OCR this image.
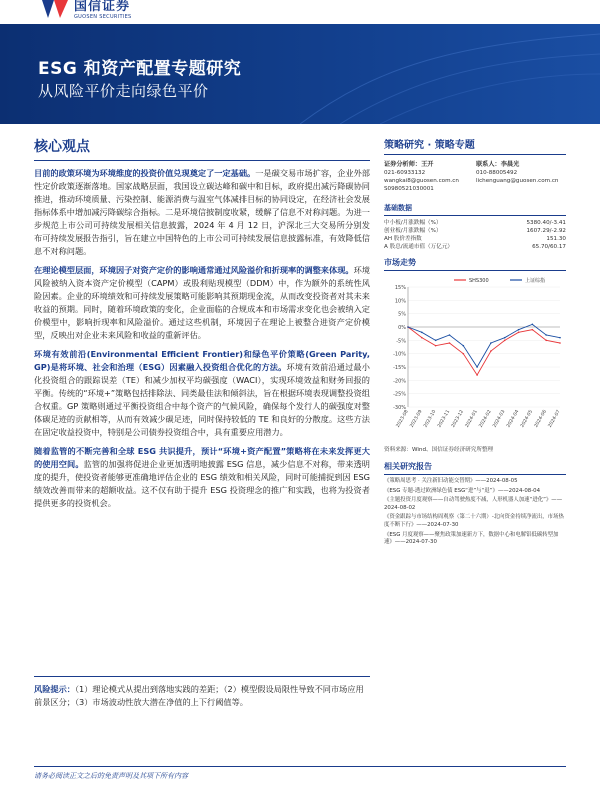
国信证券
GUOSEN SECURITIES
ESG 和资产配置专题研究
从风险平价走向绿色平价
核心观点

目前的政策环境为环境维度的投资价值兑现奠定了一定基础。一是碳交易市场扩容，企业外部性定价政策逐渐落地。国家战略层面，我国设立碳达峰和碳中和目标，政府提出减污降碳协同推进，推动环境质量、污染控制、能源消费与温室气体减排目标的协同设定，在经济社会发展指标体系中增加减污降碳综合指标。二是环境信披制度收紧，缓解了信息不对称问题。为进一步规范上市公司可持续发展相关信息披露，2024 年 4 月 12 日，沪深北三大交易所分别发布可持续发展报告指引，旨在建立中国特色的上市公司可持续发展信息披露标准，有效降低信息不对称问题。

在理论模型层面，环境因子对资产定价的影响通常通过风险溢价和折现率的调整来体现。环境风险被纳入资本资产定价模型（CAPM）或股利贴现模型（DDM）中，作为额外的系统性风险因素。企业的环境绩效和可持续发展策略可能影响其预期现金流，从而改变投资者对其未来收益的预期。同时，随着环境政策的变化，企业面临的合规成本和市场需求变化也会被纳入定价模型中，影响折现率和风险溢价。通过这些机制，环境因子在理论上被整合进资产定价模型，反映出对企业未来风险和收益的重新评估。

环境有效前沿(Environmental Efficient Frontier)和绿色平价策略(Green Parity, GP)是将环境、社会和治理（ESG）因素融入投资组合优化的方法。环境有效前沿通过最小化投资组合的跟踪误差（TE）和减少加权平均碳强度（WACI），实现环境效益和财务回报的平衡。传统的“环境+”策略包括排除法、同类最佳法和倾斜法，旨在根据环境表现调整投资组合权重。GP 策略则通过平衡投资组合中每个资产的气候风险，确保每个发行人的碳强度对整体碳足迹的贡献相等，从而有效减少碳足迹，同时保持较低的 TE 和良好的分散度。这些方法在固定收益投资中，特别是公司债券投资组合中，具有重要应用潜力。

随着监管的不断完善和全球 ESG 共识提升，预计“环境+资产配置”策略将在未来发挥更大的使用空间。监管的加强将促进企业更加透明地披露 ESG 信息，减少信息不对称，带来透明度的提升，使投资者能够更准确地评估企业的 ESG 绩效和相关风险，同时可能捕捉到因 ESG 绩效改善而带来的超额收益。这不仅有助于提升 ESG 投资理念的推广和实践，也将为投资者提供更多的投资机会。

策略研究 · 策略专题
证券分析师：王开
021-60933132
wangkai8@guosen.com.cn
S0980521030001
联系人：李晨光
010-88005492
lichenguang@guosen.com.cn
基础数据
中小板/月涨跌幅（%）	5380.40/-3.41
创业板/月涨跌幅（%）	1607.29/-2.92
AH 股价差指数	151.30
A 股总/流通市值（万亿元）	65.70/60.17
市场走势
15%
10%
5%
0%
-5%
-10%
-15%
-20%
-25%
-30%
2023-08 2023-09 2023-10 2023-11 2023-12 2024-01 2024-02 2024-03 2024-04 2024-05 2024-06 2024-07
SHS300	上证综指
资料来源：Wind、国信证券经济研究所整理
相关研究报告
《策略周思考 · 关注新旧动能交替期》——2024-08-05
《ESG 专题-透过欧洲绿色债 ESG“进”与“退”》——2024-08-04
《主题投资月度观察——自动驾驶热度不减，人形机器人加速“进化”》——2024-08-02
《资金跟踪与市场结构周观察（第二十六期）-北向资金持续净流出，市场热度不断下行》——2024-07-30
《ESG 月度观察——聚焦政策加速新方下，数据中心和电解铝低碳转型加速》——2024-07-30
风险提示：（1）理论模式从提出到落地实践的差距；（2）模型假设局限性导致不同市场应用前景区分；（3）市场波动性放大潜在净值的上下行阈值等。
请务必阅读正文之后的免责声明及其项下所有内容
